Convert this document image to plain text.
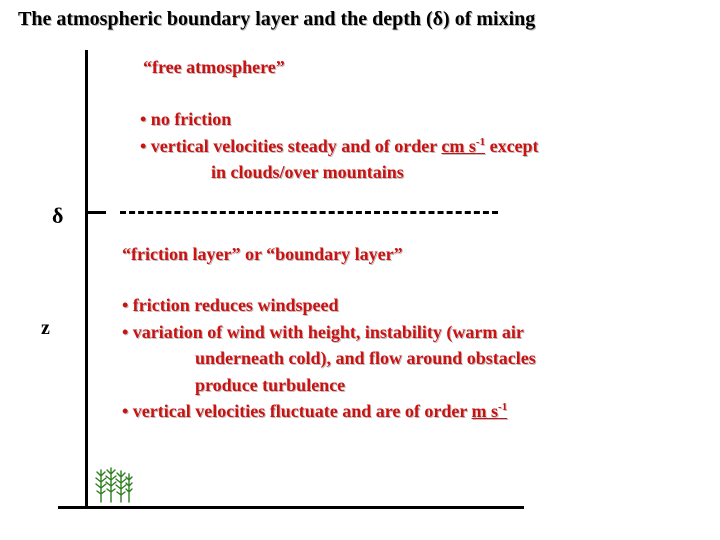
The atmospheric boundary layer and the depth (δ) of mixing
“free atmosphere”
• no friction
• vertical velocities steady and of order cm $s^{-1}$ except
in clouds/over mountains
δ
z
“friction layer” or “boundary layer”
• friction reduces windspeed
• variation of wind with height, instability (warm air
underneath cold), and flow around obstacles
produce turbulence
• vertical velocities fluctuate and are of order m $s^{-1}$
